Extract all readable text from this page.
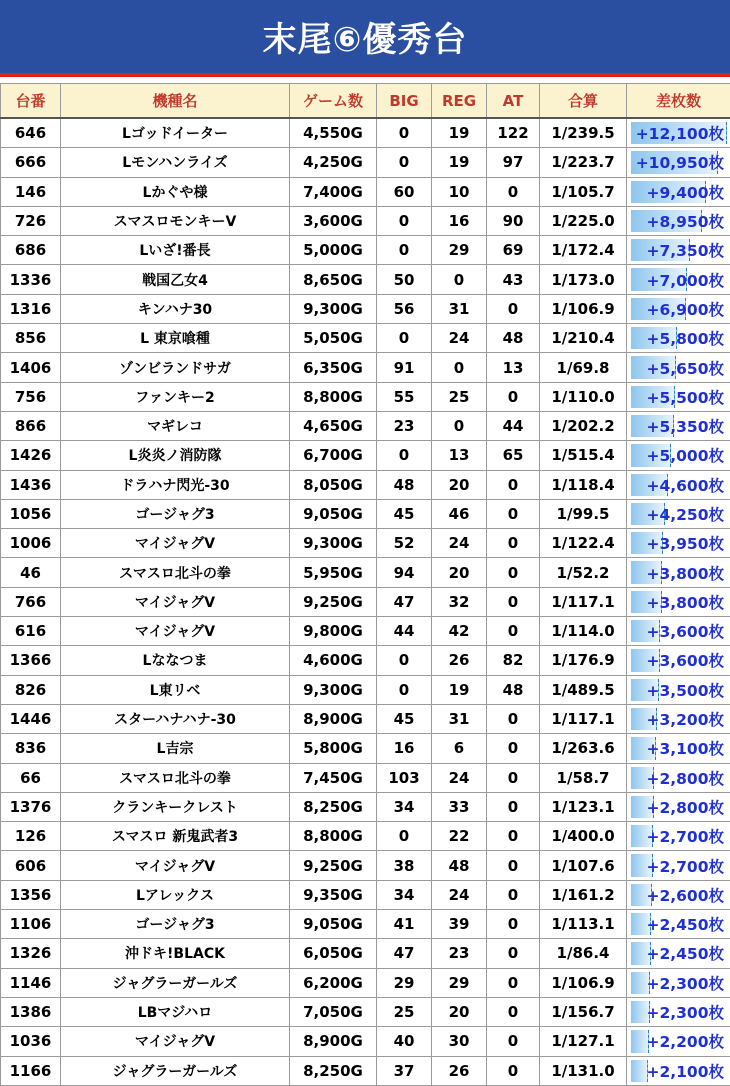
末尾⑥優秀台
台番	機種名	ゲーム数	BIG	REG	AT	合算	差枚数
646	Lゴッドイーター	4,550G	0	19	122	1/239.5	+12,100枚
666	Lモンハンライズ	4,250G	0	19	97	1/223.7	+10,950枚
146	Lかぐや様	7,400G	60	10	0	1/105.7	+9,400枚
726	スマスロモンキーV	3,600G	0	16	90	1/225.0	+8,950枚
686	Lいざ!番長	5,000G	0	29	69	1/172.4	+7,350枚
1336	戦国乙女4	8,650G	50	0	43	1/173.0	+7,000枚
1316	キンハナ30	9,300G	56	31	0	1/106.9	+6,900枚
856	L 東京喰種	5,050G	0	24	48	1/210.4	+5,800枚
1406	ゾンビランドサガ	6,350G	91	0	13	1/69.8	+5,650枚
756	ファンキー2	8,800G	55	25	0	1/110.0	+5,500枚
866	マギレコ	4,650G	23	0	44	1/202.2	+5,350枚
1426	L炎炎ノ消防隊	6,700G	0	13	65	1/515.4	+5,000枚
1436	ドラハナ閃光-30	8,050G	48	20	0	1/118.4	+4,600枚
1056	ゴージャグ3	9,050G	45	46	0	1/99.5	+4,250枚
1006	マイジャグV	9,300G	52	24	0	1/122.4	+3,950枚
46	スマスロ北斗の拳	5,950G	94	20	0	1/52.2	+3,800枚
766	マイジャグV	9,250G	47	32	0	1/117.1	+3,800枚
616	マイジャグV	9,800G	44	42	0	1/114.0	+3,600枚
1366	Lななつま	4,600G	0	26	82	1/176.9	+3,600枚
826	L東リベ	9,300G	0	19	48	1/489.5	+3,500枚
1446	スターハナハナ-30	8,900G	45	31	0	1/117.1	+3,200枚
836	L吉宗	5,800G	16	6	0	1/263.6	+3,100枚
66	スマスロ北斗の拳	7,450G	103	24	0	1/58.7	+2,800枚
1376	クランキークレスト	8,250G	34	33	0	1/123.1	+2,800枚
126	スマスロ 新鬼武者3	8,800G	0	22	0	1/400.0	+2,700枚
606	マイジャグV	9,250G	38	48	0	1/107.6	+2,700枚
1356	Lアレックス	9,350G	34	24	0	1/161.2	+2,600枚
1106	ゴージャグ3	9,050G	41	39	0	1/113.1	+2,450枚
1326	沖ドキ!BLACK	6,050G	47	23	0	1/86.4	+2,450枚
1146	ジャグラーガールズ	6,200G	29	29	0	1/106.9	+2,300枚
1386	LBマジハロ	7,050G	25	20	0	1/156.7	+2,300枚
1036	マイジャグV	8,900G	40	30	0	1/127.1	+2,200枚
1166	ジャグラーガールズ	8,250G	37	26	0	1/131.0	+2,100枚
